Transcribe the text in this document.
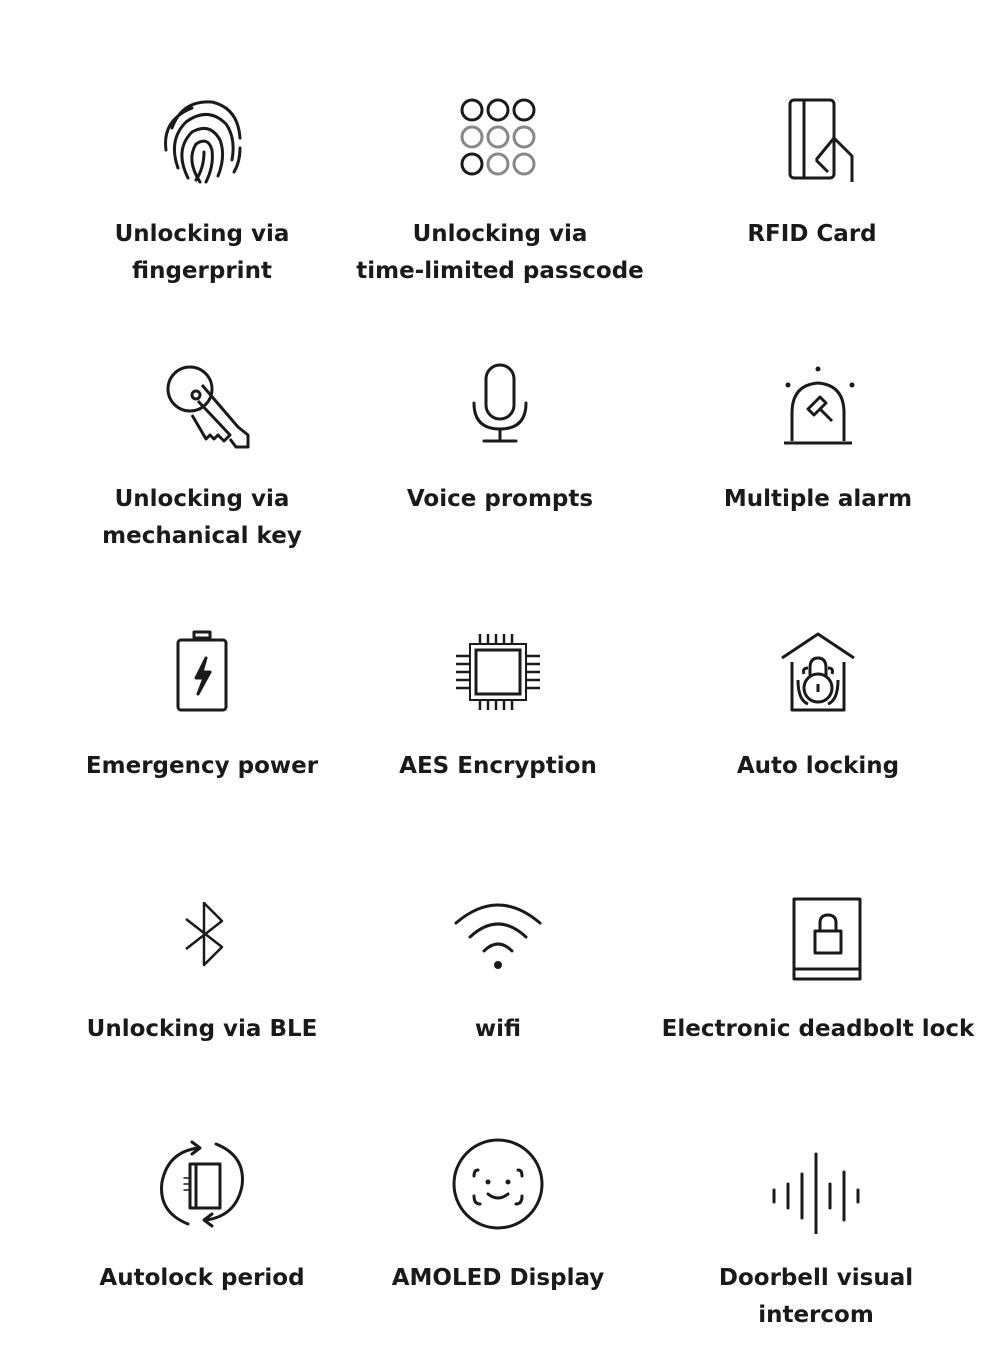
Unlocking via
fingerprint
Unlocking via
time-limited passcode
RFID Card
Unlocking via
mechanical key
Voice prompts	Multiple alarm
Emergency power	AES Encryption	Auto locking
Unlocking via BLE	wifi	Electronic deadbolt lock
Autolock period	AMOLED Display	Doorbell visual
intercom
